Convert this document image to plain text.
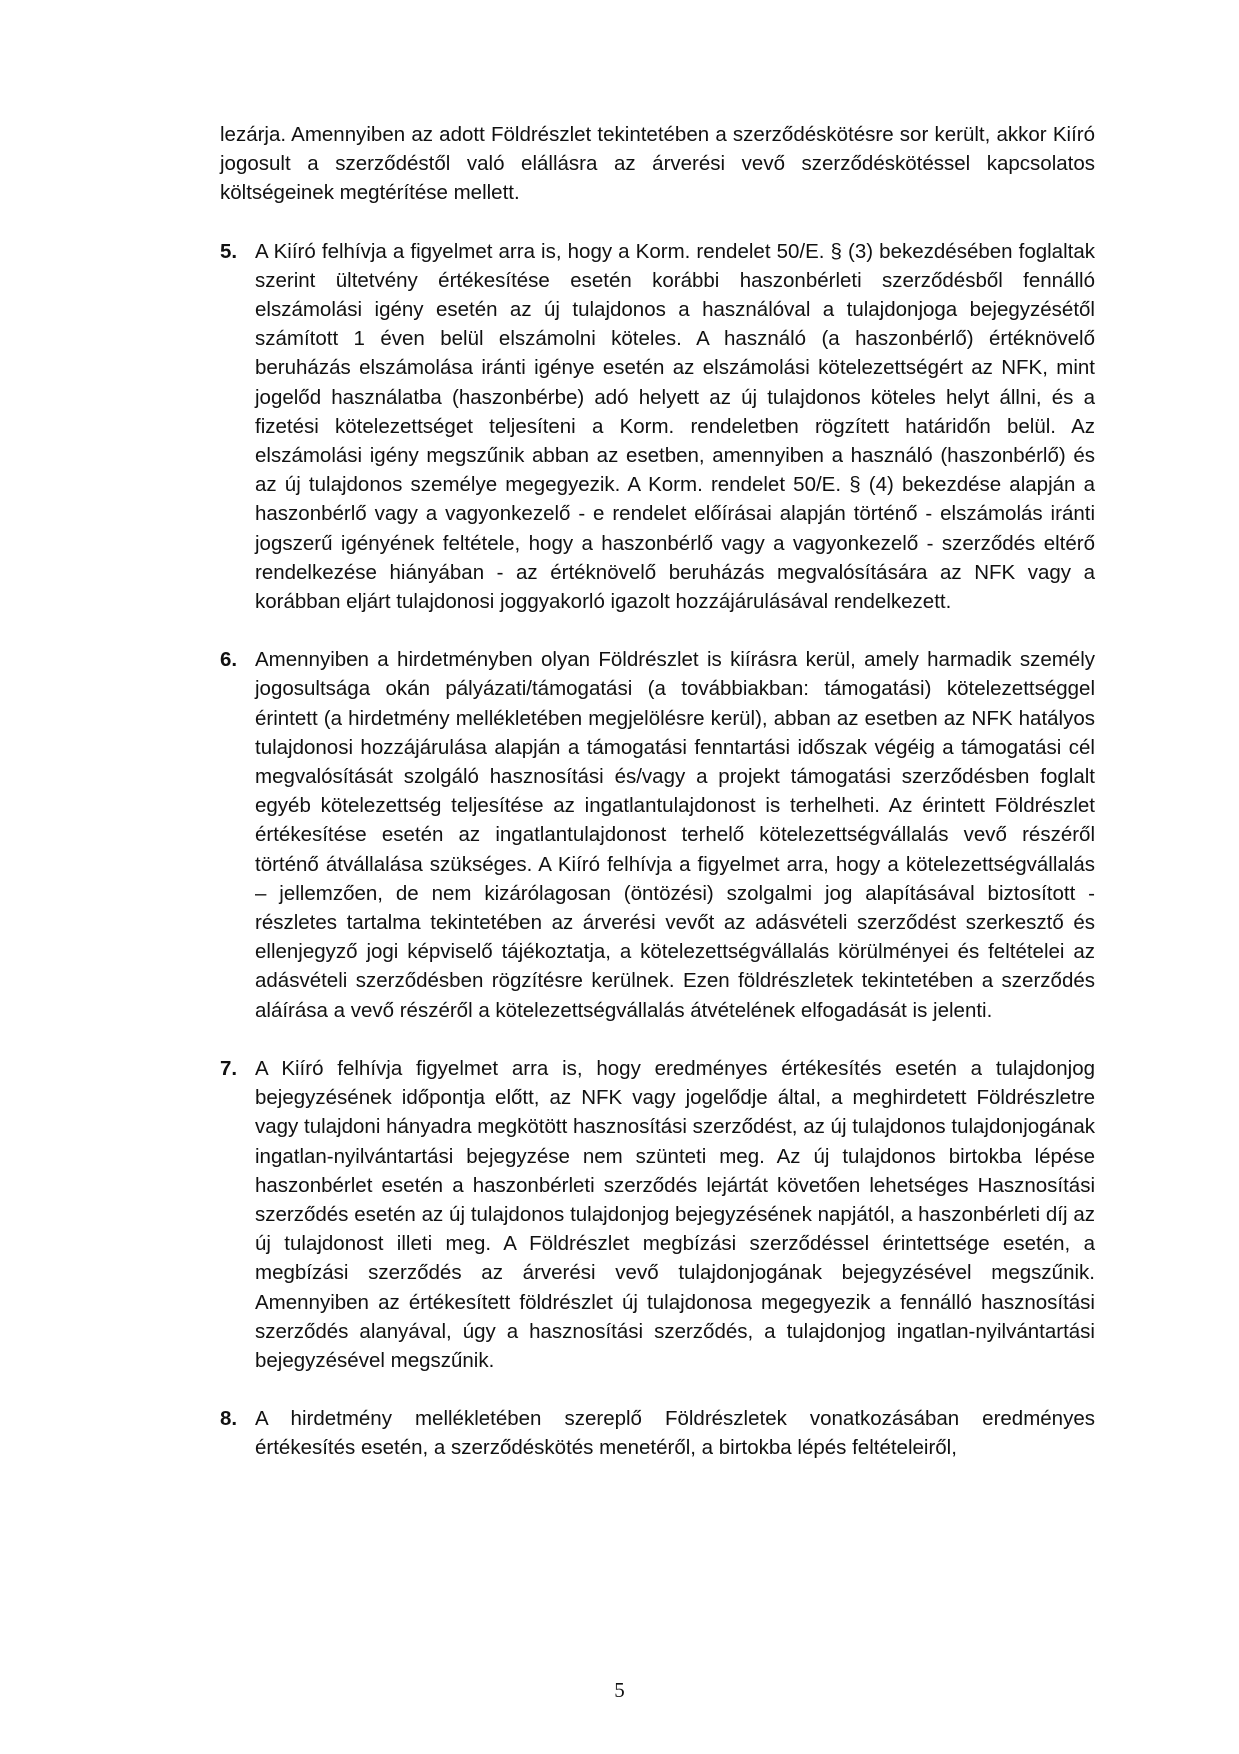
lezárja. Amennyiben az adott Földrészlet tekintetében a szerződéskötésre sor került, akkor Kiíró jogosult a szerződéstől való elállásra az árverési vevő szerződéskötéssel kapcsolatos költségeinek megtérítése mellett.

5. A Kiíró felhívja a figyelmet arra is, hogy a Korm. rendelet 50/E. § (3) bekezdésében foglaltak szerint ültetvény értékesítése esetén korábbi haszonbérleti szerződésből fennálló elszámolási igény esetén az új tulajdonos a használóval a tulajdonjoga bejegyzésétől számított 1 éven belül elszámolni köteles. A használó (a haszonbérlő) értéknövelő beruházás elszámolása iránti igénye esetén az elszámolási kötelezettségért az NFK, mint jogelőd használatba (haszonbérbe) adó helyett az új tulajdonos köteles helyt állni, és a fizetési kötelezettséget teljesíteni a Korm. rendeletben rögzített határidőn belül. Az elszámolási igény megszűnik abban az esetben, amennyiben a használó (haszonbérlő) és az új tulajdonos személye megegyezik. A Korm. rendelet 50/E. § (4) bekezdése alapján a haszonbérlő vagy a vagyonkezelő - e rendelet előírásai alapján történő - elszámolás iránti jogszerű igényének feltétele, hogy a haszonbérlő vagy a vagyonkezelő - szerződés eltérő rendelkezése hiányában - az értéknövelő beruházás megvalósítására az NFK vagy a korábban eljárt tulajdonosi joggyakorló igazolt hozzájárulásával rendelkezett.

6. Amennyiben a hirdetményben olyan Földrészlet is kiírásra kerül, amely harmadik személy jogosultsága okán pályázati/támogatási (a továbbiakban: támogatási) kötelezettséggel érintett (a hirdetmény mellékletében megjelölésre kerül), abban az esetben az NFK hatályos tulajdonosi hozzájárulása alapján a támogatási fenntartási időszak végéig a támogatási cél megvalósítását szolgáló hasznosítási és/vagy a projekt támogatási szerződésben foglalt egyéb kötelezettség teljesítése az ingatlantulajdonost is terhelheti. Az érintett Földrészlet értékesítése esetén az ingatlantulajdonost terhelő kötelezettségvállalás vevő részéről történő átvállalása szükséges. A Kiíró felhívja a figyelmet arra, hogy a kötelezettségvállalás – jellemzően, de nem kizárólagosan (öntözési) szolgalmi jog alapításával biztosított - részletes tartalma tekintetében az árverési vevőt az adásvételi szerződést szerkesztő és ellenjegyző jogi képviselő tájékoztatja, a kötelezettségvállalás körülményei és feltételei az adásvételi szerződésben rögzítésre kerülnek. Ezen földrészletek tekintetében a szerződés aláírása a vevő részéről a kötelezettségvállalás átvételének elfogadását is jelenti.

7. A Kiíró felhívja figyelmet arra is, hogy eredményes értékesítés esetén a tulajdonjog bejegyzésének időpontja előtt, az NFK vagy jogelődje által, a meghirdetett Földrészletre vagy tulajdoni hányadra megkötött hasznosítási szerződést, az új tulajdonos tulajdonjogának ingatlan-nyilvántartási bejegyzése nem szünteti meg. Az új tulajdonos birtokba lépése haszonbérlet esetén a haszonbérleti szerződés lejártát követően lehetséges Hasznosítási szerződés esetén az új tulajdonos tulajdonjog bejegyzésének napjától, a haszonbérleti díj az új tulajdonost illeti meg. A Földrészlet megbízási szerződéssel érintettsége esetén, a megbízási szerződés az árverési vevő tulajdonjogának bejegyzésével megszűnik. Amennyiben az értékesített földrészlet új tulajdonosa megegyezik a fennálló hasznosítási szerződés alanyával, úgy a hasznosítási szerződés, a tulajdonjog ingatlan-nyilvántartási bejegyzésével megszűnik.

8. A hirdetmény mellékletében szereplő Földrészletek vonatkozásában eredményes értékesítés esetén, a szerződéskötés menetéről, a birtokba lépés feltételeiről,

5
